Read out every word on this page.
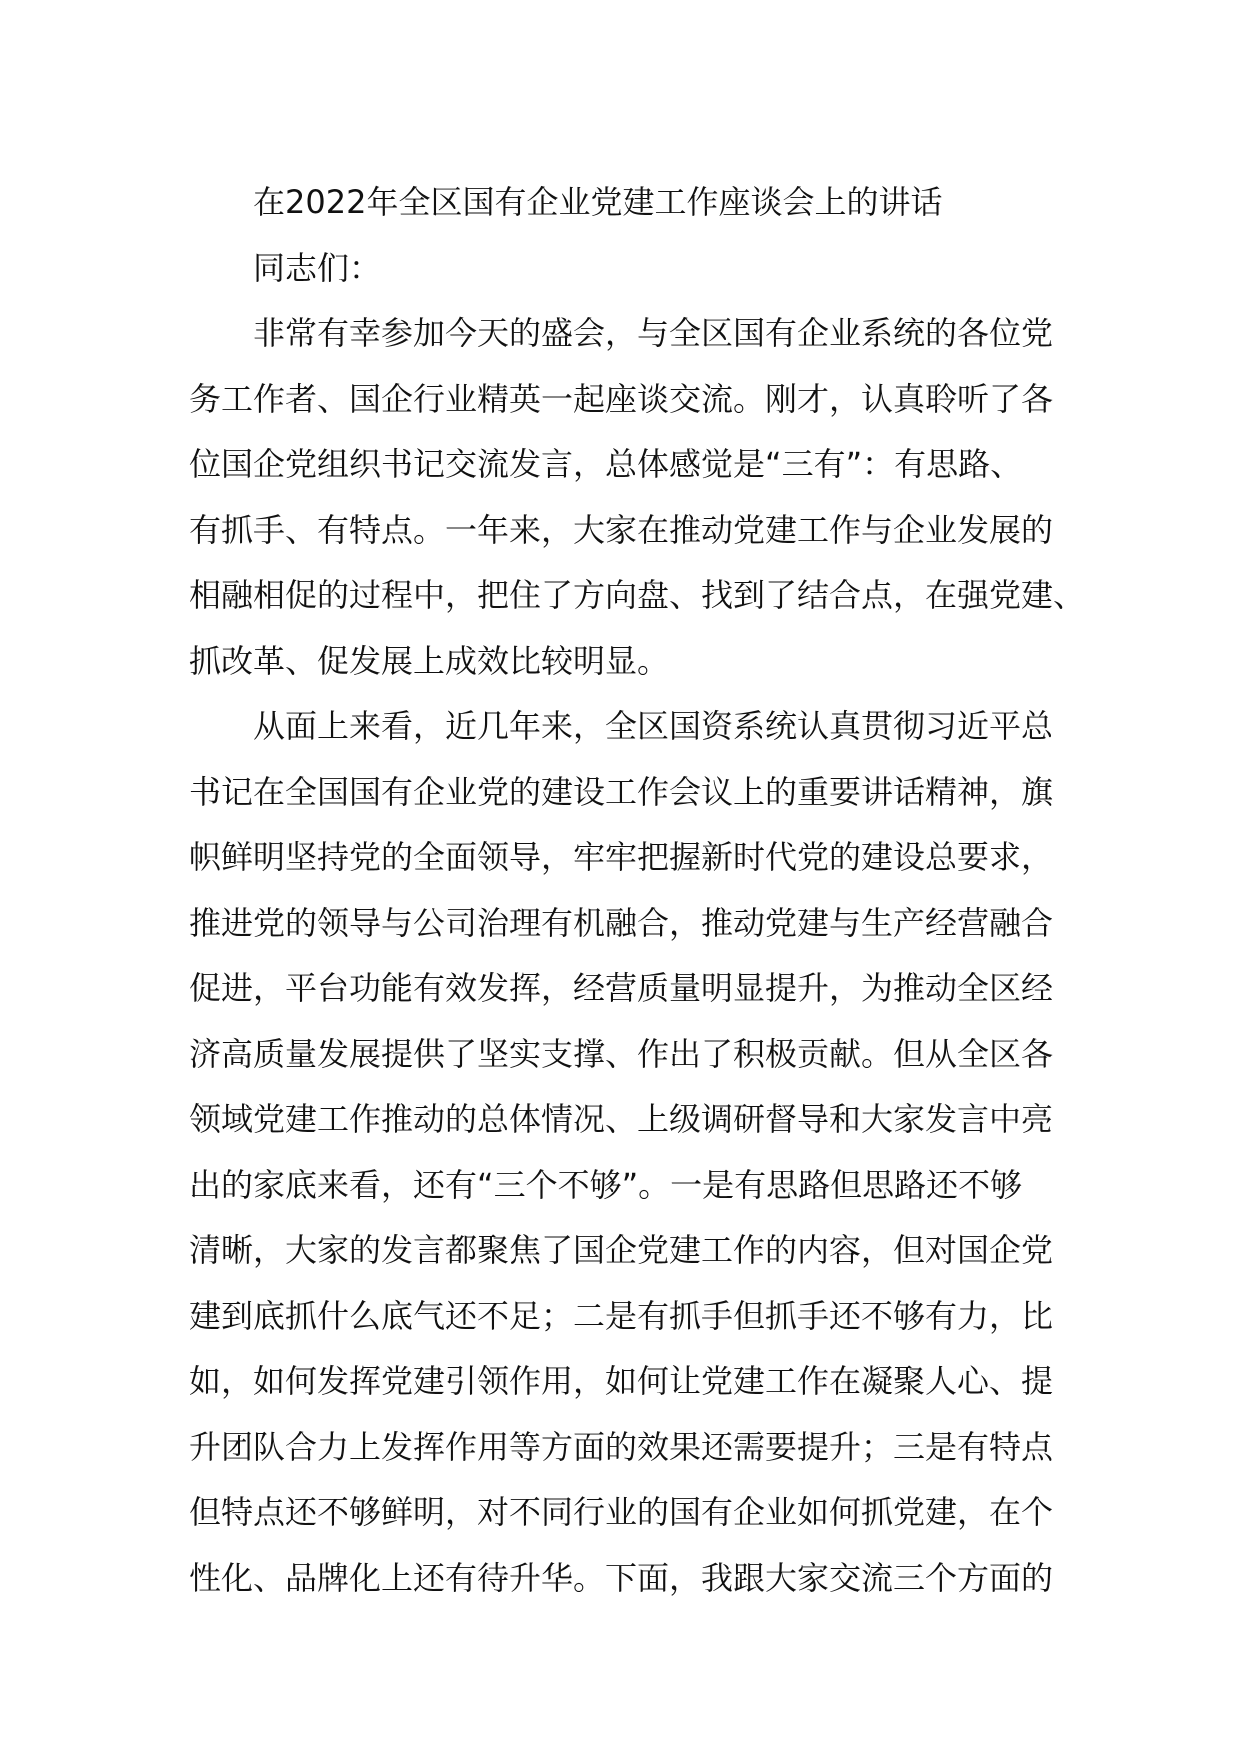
在2022年全区国有企业党建工作座谈会上的讲话
同志们：
非常有幸参加今天的盛会，与全区国有企业系统的各位党
务工作者、国企行业精英一起座谈交流。刚才，认真聆听了各
位国企党组织书记交流发言，总体感觉是“三有”：有思路、
有抓手、有特点。一年来，大家在推动党建工作与企业发展的
相融相促的过程中，把住了方向盘、找到了结合点，在强党建、
抓改革、促发展上成效比较明显。
从面上来看，近几年来，全区国资系统认真贯彻习近平总
书记在全国国有企业党的建设工作会议上的重要讲话精神，旗
帜鲜明坚持党的全面领导，牢牢把握新时代党的建设总要求，
推进党的领导与公司治理有机融合，推动党建与生产经营融合
促进，平台功能有效发挥，经营质量明显提升，为推动全区经
济高质量发展提供了坚实支撑、作出了积极贡献。但从全区各
领域党建工作推动的总体情况、上级调研督导和大家发言中亮
出的家底来看，还有“三个不够”。一是有思路但思路还不够
清晰，大家的发言都聚焦了国企党建工作的内容，但对国企党
建到底抓什么底气还不足；二是有抓手但抓手还不够有力，比
如，如何发挥党建引领作用，如何让党建工作在凝聚人心、提
升团队合力上发挥作用等方面的效果还需要提升；三是有特点
但特点还不够鲜明，对不同行业的国有企业如何抓党建，在个
性化、品牌化上还有待升华。下面，我跟大家交流三个方面的
